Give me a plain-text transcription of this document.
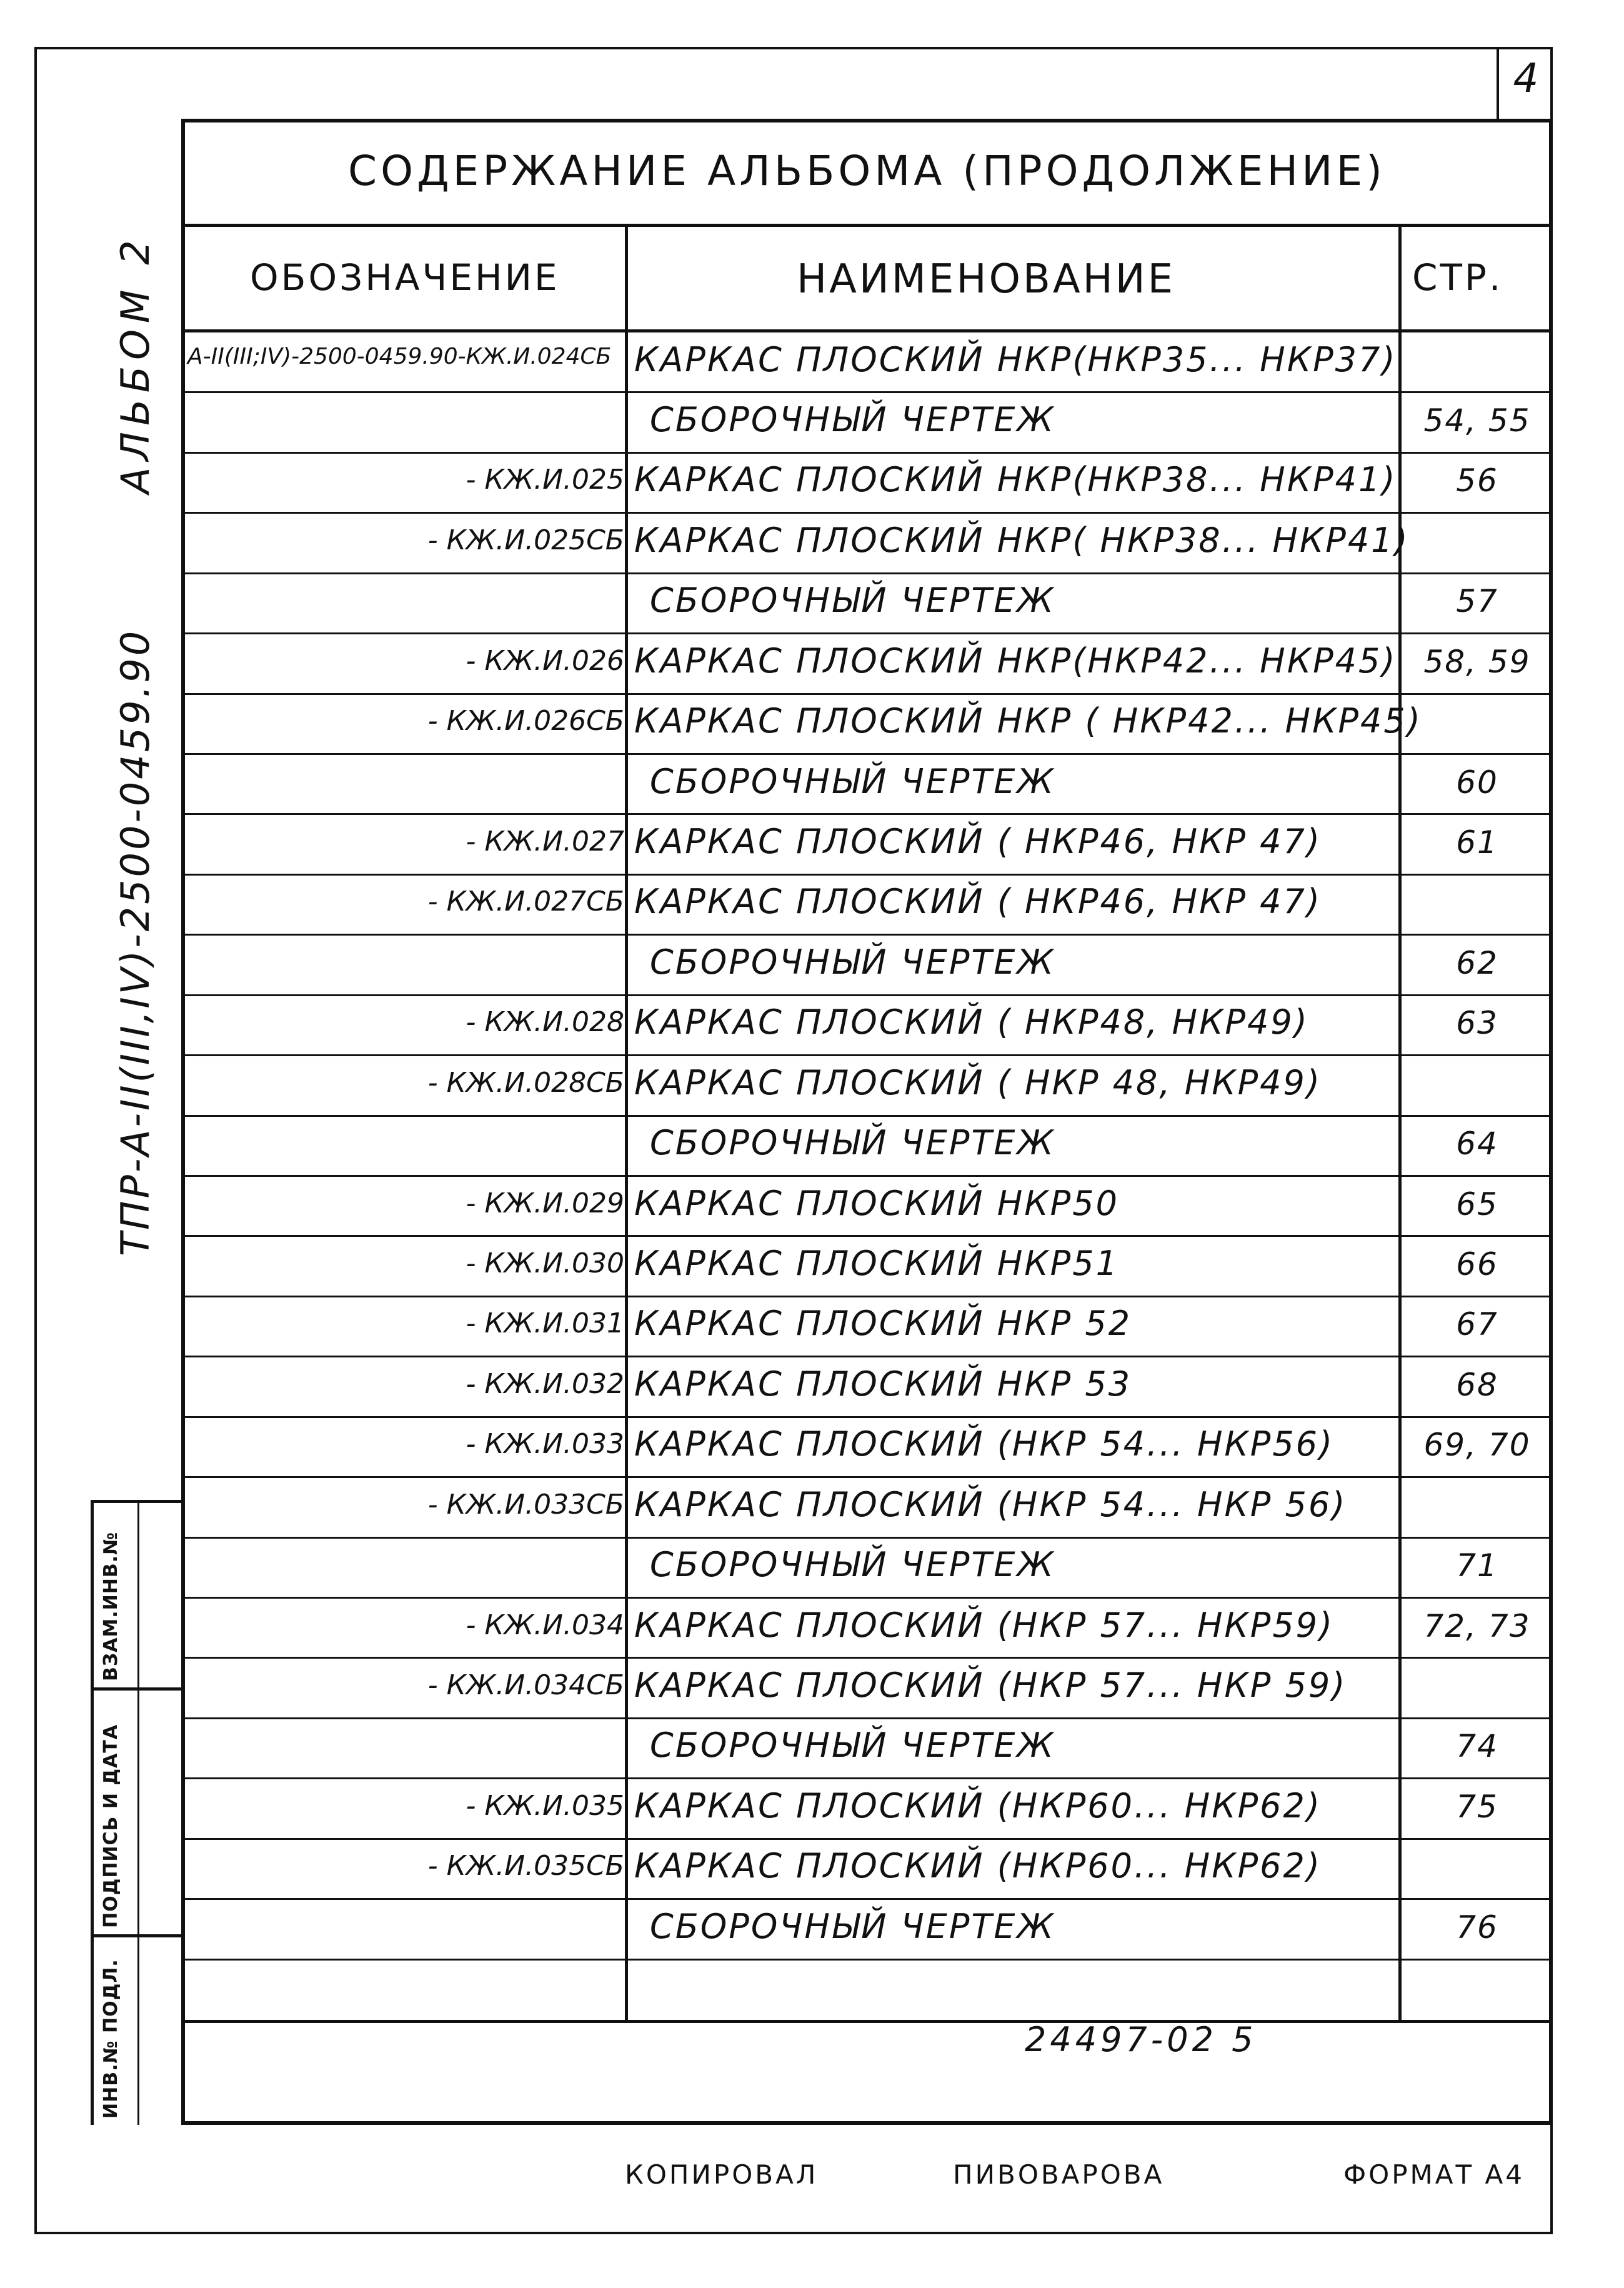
4
СОДЕРЖАНИЕ АЛЬБОМА (ПРОДОЛЖЕНИЕ)
ОБОЗНАЧЕНИЕ	НАИМЕНОВАНИЕ	СТР.
А-II(III;IV)-2500-0459.90-КЖ.И.024СБ КАРКАС ПЛОСКИЙ НКР(НКР35... НКР37)
СБОРОЧНЫЙ ЧЕРТЕЖ	54, 55
- КЖ.И.025 КАРКАС ПЛОСКИЙ НКР(НКР38... НКР41)	56
- КЖ.И.025СБ КАРКАС ПЛОСКИЙ НКР( НКР38... НКР41)
СБОРОЧНЫЙ ЧЕРТЕЖ	57
- КЖ.И.026 КАРКАС ПЛОСКИЙ НКР(НКР42... НКР45) 58, 59
- КЖ.И.026СБ КАРКАС ПЛОСКИЙ НКР ( НКР42... НКР45)
СБОРОЧНЫЙ ЧЕРТЕЖ	60
- КЖ.И.027 КАРКАС ПЛОСКИЙ ( НКР46, НКР 47)	61
- КЖ.И.027СБ КАРКАС ПЛОСКИЙ ( НКР46, НКР 47)
СБОРОЧНЫЙ ЧЕРТЕЖ	62
- КЖ.И.028 КАРКАС ПЛОСКИЙ ( НКР48, НКР49)	63
- КЖ.И.028СБ КАРКАС ПЛОСКИЙ ( НКР 48, НКР49)
СБОРОЧНЫЙ ЧЕРТЕЖ	64
- КЖ.И.029 КАРКАС ПЛОСКИЙ НКР50	65
- КЖ.И.030 КАРКАС ПЛОСКИЙ НКР51	66
- КЖ.И.031 КАРКАС ПЛОСКИЙ НКР 52	67
- КЖ.И.032 КАРКАС ПЛОСКИЙ НКР 53	68
- КЖ.И.033 КАРКАС ПЛОСКИЙ (НКР 54... НКР56)	69, 70
- КЖ.И.033СБ КАРКАС ПЛОСКИЙ (НКР 54... НКР 56)
СБОРОЧНЫЙ ЧЕРТЕЖ	71
- КЖ.И.034 КАРКАС ПЛОСКИЙ (НКР 57... НКР59)	72, 73
- КЖ.И.034СБ КАРКАС ПЛОСКИЙ (НКР 57... НКР 59)
СБОРОЧНЫЙ ЧЕРТЕЖ	74
- КЖ.И.035 КАРКАС ПЛОСКИЙ (НКР60... НКР62)	75
- КЖ.И.035СБ КАРКАС ПЛОСКИЙ (НКР60... НКР62)
СБОРОЧНЫЙ ЧЕРТЕЖ	76
АЛЬБОМ 2
ТПР-А-II(III,IV)-2500-0459.90
ВЗАМ.ИНВ.№
ПОДПИСЬ И ДАТА
ИНВ.№ ПОДЛ.	24497-02 5
КОПИРОВАЛ	ПИВОВАРОВА	ФОРМАТ А4
